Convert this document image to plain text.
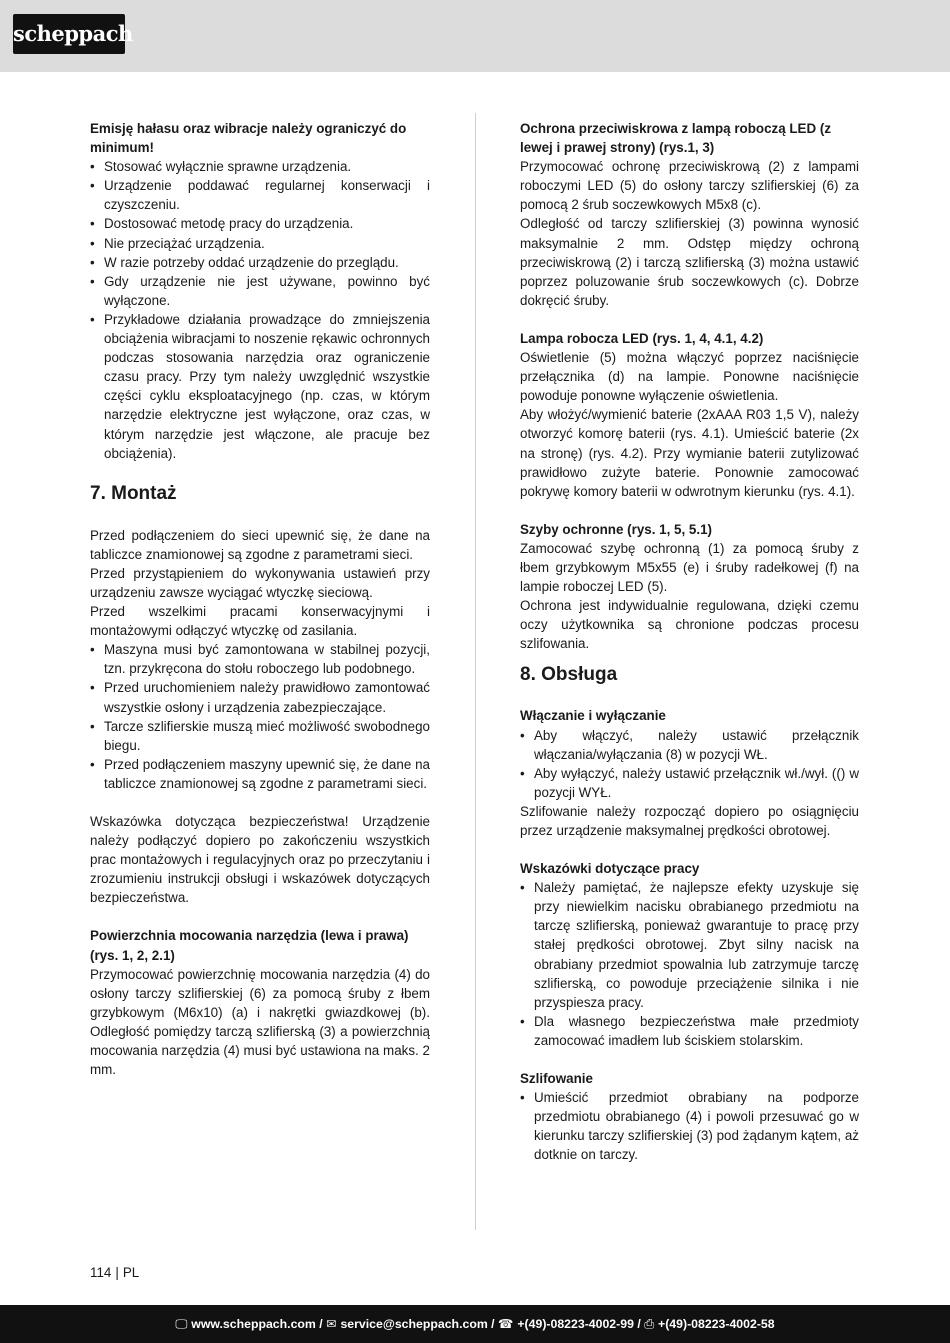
scheppach

Emisję hałasu oraz wibracje należy ograniczyć do minimum!

• Stosować wyłącznie sprawne urządzenia.
• Urządzenie poddawać regularnej konserwacji i czyszczeniu.
• Dostosować metodę pracy do urządzenia.
• Nie przeciążać urządzenia.
• W razie potrzeby oddać urządzenie do przeglądu.
• Gdy urządzenie nie jest używane, powinno być wyłączone.
• Przykładowe działania prowadzące do zmniejszenia obciążenia wibracjami to noszenie rękawic ochronnych podczas stosowania narzędzia oraz ograniczenie czasu pracy. Przy tym należy uwzględnić wszystkie części cyklu eksploatacyjnego (np. czas, w którym narzędzie elektryczne jest wyłączone, oraz czas, w którym narzędzie jest włączone, ale pracuje bez obciążenia).
7. Montaż

Przed podłączeniem do sieci upewnić się, że dane na tabliczce znamionowej są zgodne z parametrami sieci.

Przed przystąpieniem do wykonywania ustawień przy urządzeniu zawsze wyciągać wtyczkę sieciową.

Przed wszelkimi pracami konserwacyjnymi i montażowymi odłączyć wtyczkę od zasilania.

• Maszyna musi być zamontowana w stabilnej pozycji, tzn. przykręcona do stołu roboczego lub podobnego.
• Przed uruchomieniem należy prawidłowo zamontować wszystkie osłony i urządzenia zabezpieczające.
• Tarcze szlifierskie muszą mieć możliwość swobodnego biegu.
• Przed podłączeniem maszyny upewnić się, że dane na tabliczce znamionowej są zgodne z parametrami sieci.

Wskazówka dotycząca bezpieczeństwa! Urządzenie należy podłączyć dopiero po zakończeniu wszystkich prac montażowych i regulacyjnych oraz po przeczytaniu i zrozumieniu instrukcji obsługi i wskazówek dotyczących bezpieczeństwa.

Powierzchnia mocowania narzędzia (lewa i prawa) (rys. 1, 2, 2.1)

Przymocować powierzchnię mocowania narzędzia (4) do osłony tarczy szlifierskiej (6) za pomocą śruby z łbem grzybkowym (M6x10) (a) i nakrętki gwiazdkowej (b). Odległość pomiędzy tarczą szlifierską (3) a powierzchnią mocowania narzędzia (4) musi być ustawiona na maks. 2 mm.

Ochrona przeciwiskrowa z lampą roboczą LED (z lewej i prawej strony) (rys.1, 3)

Przymocować ochronę przeciwiskrową (2) z lampami roboczymi LED (5) do osłony tarczy szlifierskiej (6) za pomocą 2 śrub soczewkowych M5x8 (c).

Odległość od tarczy szlifierskiej (3) powinna wynosić maksymalnie 2 mm. Odstęp między ochroną przeciwiskrową (2) i tarczą szlifierską (3) można ustawić poprzez poluzowanie śrub soczewkowych (c). Dobrze dokręcić śruby.

Lampa robocza LED (rys. 1, 4, 4.1, 4.2)

Oświetlenie (5) można włączyć poprzez naciśnięcie przełącznika (d) na lampie. Ponowne naciśnięcie powoduje ponowne wyłączenie oświetlenia.

Aby włożyć/wymienić baterie (2xAAA R03 1,5 V), należy otworzyć komorę baterii (rys. 4.1). Umieścić baterie (2x na stronę) (rys. 4.2). Przy wymianie baterii zutylizować prawidłowo zużyte baterie. Ponownie zamocować pokrywę komory baterii w odwrotnym kierunku (rys. 4.1).

Szyby ochronne (rys. 1, 5, 5.1)

Zamocować szybę ochronną (1) za pomocą śruby z łbem grzybkowym M5x55 (e) i śruby radełkowej (f) na lampie roboczej LED (5).

Ochrona jest indywidualnie regulowana, dzięki czemu oczy użytkownika są chronione podczas procesu szlifowania.

8. Obsługa

Włączanie i wyłączanie

• Aby włączyć, należy ustawić przełącznik włączania/wyłączania (8) w pozycji WŁ.
• Aby wyłączyć, należy ustawić przełącznik wł./wył. (() w pozycji WYŁ.

Szlifowanie należy rozpocząć dopiero po osiągnięciu przez urządzenie maksymalnej prędkości obrotowej.

Wskazówki dotyczące pracy

• Należy pamiętać, że najlepsze efekty uzyskuje się przy niewielkim nacisku obrabianego przedmiotu na tarczę szlifierską, ponieważ gwarantuje to pracę przy stałej prędkości obrotowej. Zbyt silny nacisk na obrabiany przedmiot spowalnia lub zatrzymuje tarczę szlifierską, co powoduje przeciążenie silnika i nie przyspiesza pracy.
• Dla własnego bezpieczeństwa małe przedmioty zamocować imadłem lub ściskiem stolarskim.

Szlifowanie

• Umieścić przedmiot obrabiany na podporze przedmiotu obrabianego (4) i powoli przesuwać go w kierunku tarczy szlifierskiej (3) pod żądanym kątem, aż dotknie on tarczy.
114 | PL
🖵 www.scheppach.com / ✉ service@scheppach.com / ☎ +(49)-08223-4002-99 / ⎙ +(49)-08223-4002-58
